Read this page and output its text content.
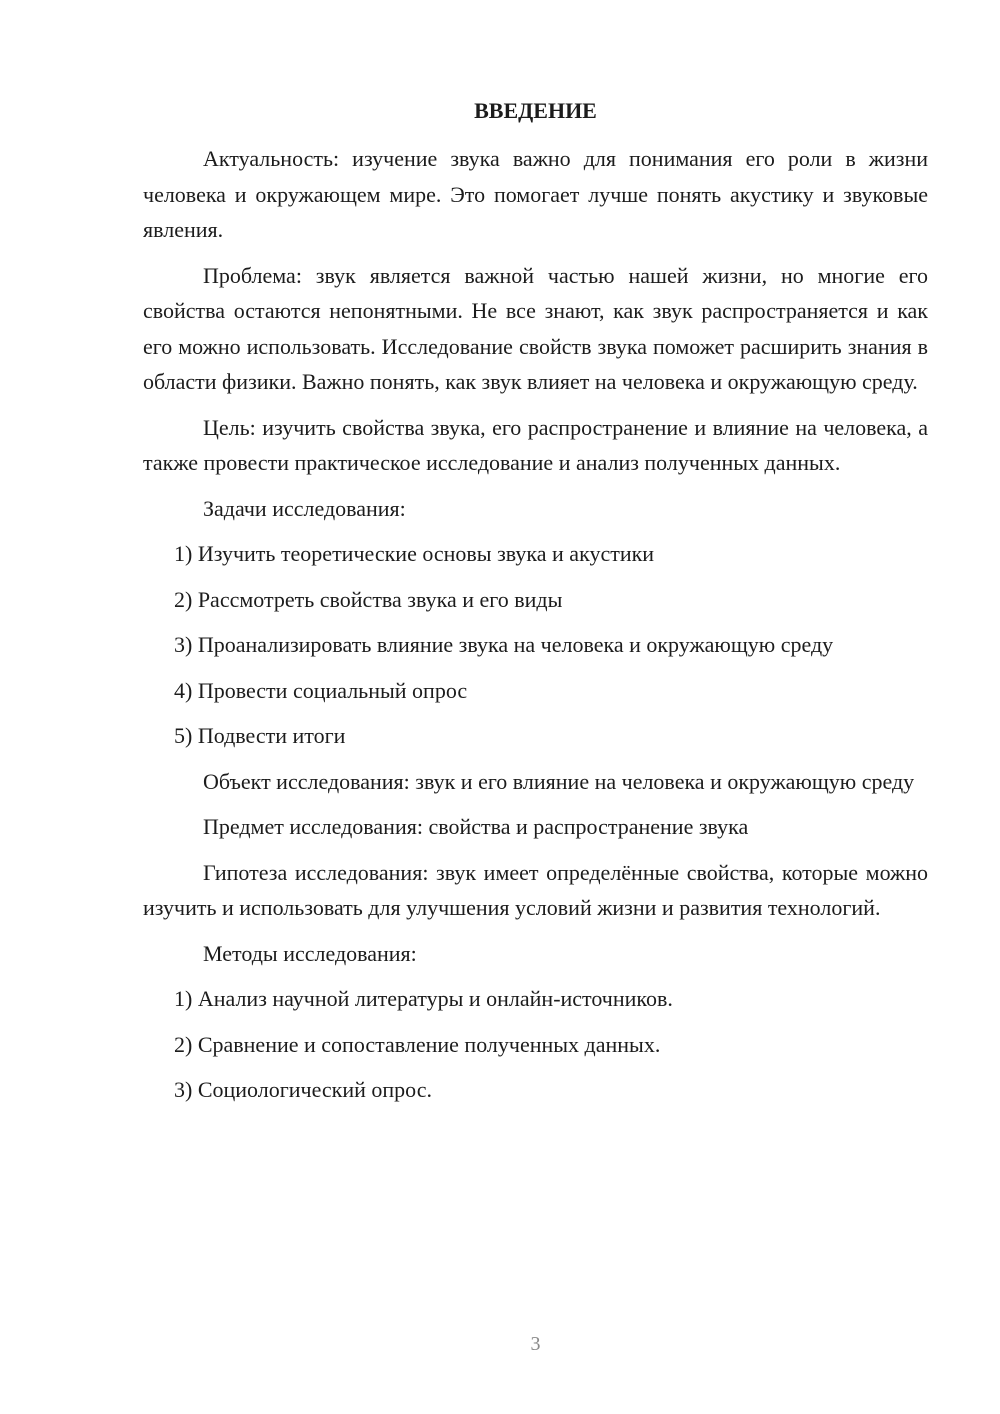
ВВЕДЕНИЕ

Актуальность: изучение звука важно для понимания его роли в жизни человека и окружающем мире. Это помогает лучше понять акустику и звуковые явления.

Проблема: звук является важной частью нашей жизни, но многие его свойства остаются непонятными. Не все знают, как звук распространяется и как его можно использовать. Исследование свойств звука поможет расширить знания в области физики. Важно понять, как звук влияет на человека и окружающую среду.

Цель: изучить свойства звука, его распространение и влияние на человека, а также провести практическое исследование и анализ полученных данных.

Задачи исследования:

1) Изучить теоретические основы звука и акустики
2) Рассмотреть свойства звука и его виды
3) Проанализировать влияние звука на человека и окружающую среду
4) Провести социальный опрос
5) Подвести итоги

Объект исследования: звук и его влияние на человека и окружающую среду

Предмет исследования: свойства и распространение звука

Гипотеза исследования: звук имеет определённые свойства, которые можно изучить и использовать для улучшения условий жизни и развития технологий.

Методы исследования:

1) Анализ научной литературы и онлайн-источников.
2) Сравнение и сопоставление полученных данных.
3) Социологический опрос.
3
